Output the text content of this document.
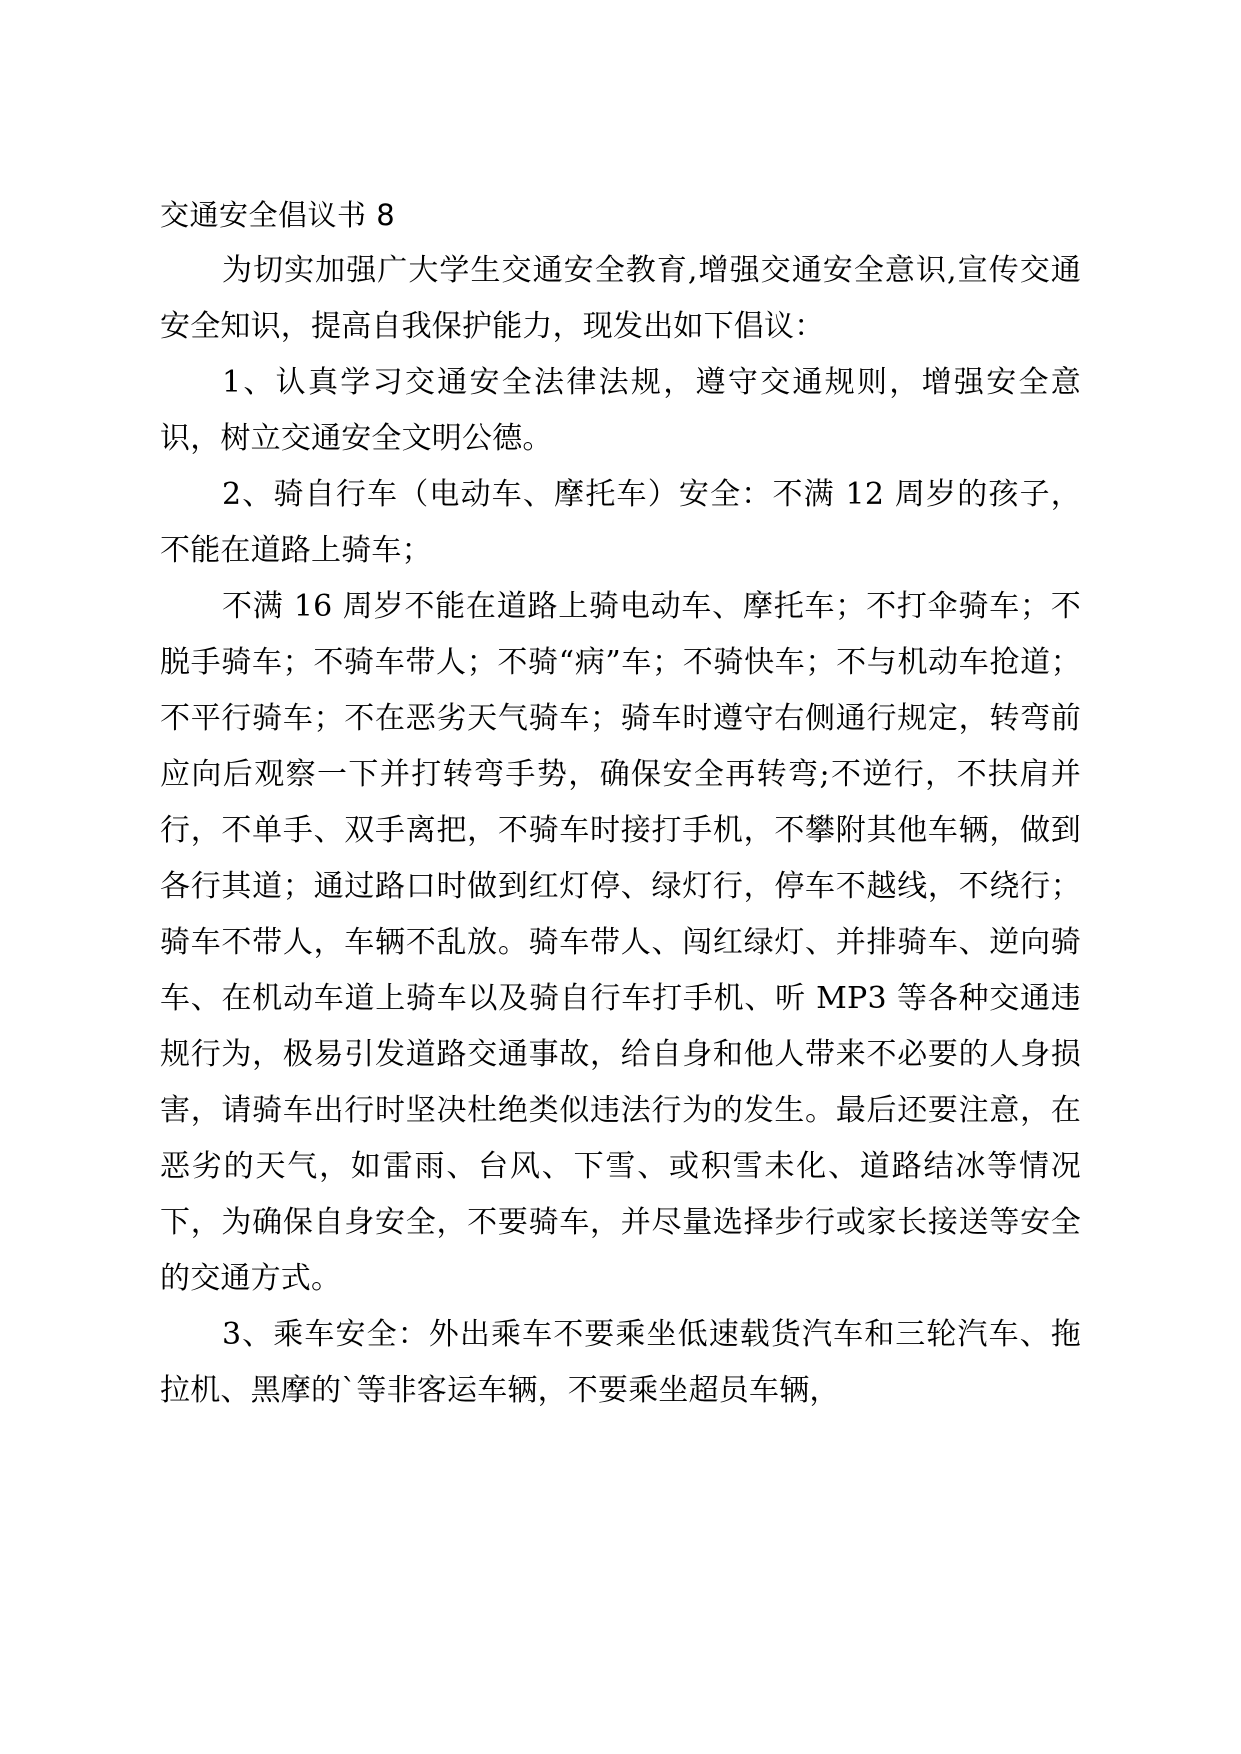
交通安全倡议书 8

为切实加强广大学生交通安全教育,增强交通安全意识,宣传交通安全知识，提高自我保护能力，现发出如下倡议：

1、认真学习交通安全法律法规，遵守交通规则，增强安全意识，树立交通安全文明公德。

2、骑自行车（电动车、摩托车）安全：不满 12 周岁的孩子，不能在道路上骑车；

不满 16 周岁不能在道路上骑电动车、摩托车；不打伞骑车；不脱手骑车；不骑车带人；不骑“病”车；不骑快车；不与机动车抢道；不平行骑车；不在恶劣天气骑车；骑车时遵守右侧通行规定，转弯前应向后观察一下并打转弯手势，确保安全再转弯;不逆行，不扶肩并行，不单手、双手离把，不骑车时接打手机，不攀附其他车辆，做到各行其道；通过路口时做到红灯停、绿灯行，停车不越线，不绕行；骑车不带人，车辆不乱放。骑车带人、闯红绿灯、并排骑车、逆向骑车、在机动车道上骑车以及骑自行车打手机、听 MP3 等各种交通违规行为，极易引发道路交通事故，给自身和他人带来不必要的人身损害，请骑车出行时坚决杜绝类似违法行为的发生。最后还要注意，在恶劣的天气，如雷雨、台风、下雪、或积雪未化、道路结冰等情况下，为确保自身安全，不要骑车，并尽量选择步行或家长接送等安全的交通方式。

3、乘车安全：外出乘车不要乘坐低速载货汽车和三轮汽车、拖拉机、黑摩的`等非客运车辆，不要乘坐超员车辆，
